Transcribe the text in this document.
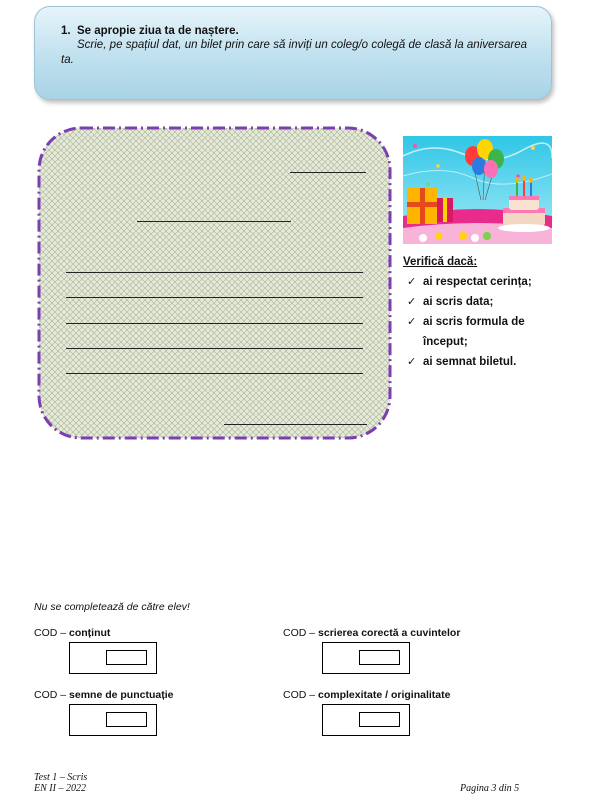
1. Se apropie ziua ta de naștere.
Scrie, pe spațiul dat, un bilet prin care să inviți un coleg/o colegă de clasă la aniversarea ta.
Verifică dacă:
✓ ai respectat cerința;
✓ ai scris data;
✓ ai scris formula de
început;
✓ ai semnat biletul.
Nu se completează de către elev!
COD – conținut	COD – scrierea corectă a cuvintelor
COD – semne de punctuație	COD – complexitate / originalitate
Test 1 – Scris
EN II – 2022	Pagina 3 din 5
